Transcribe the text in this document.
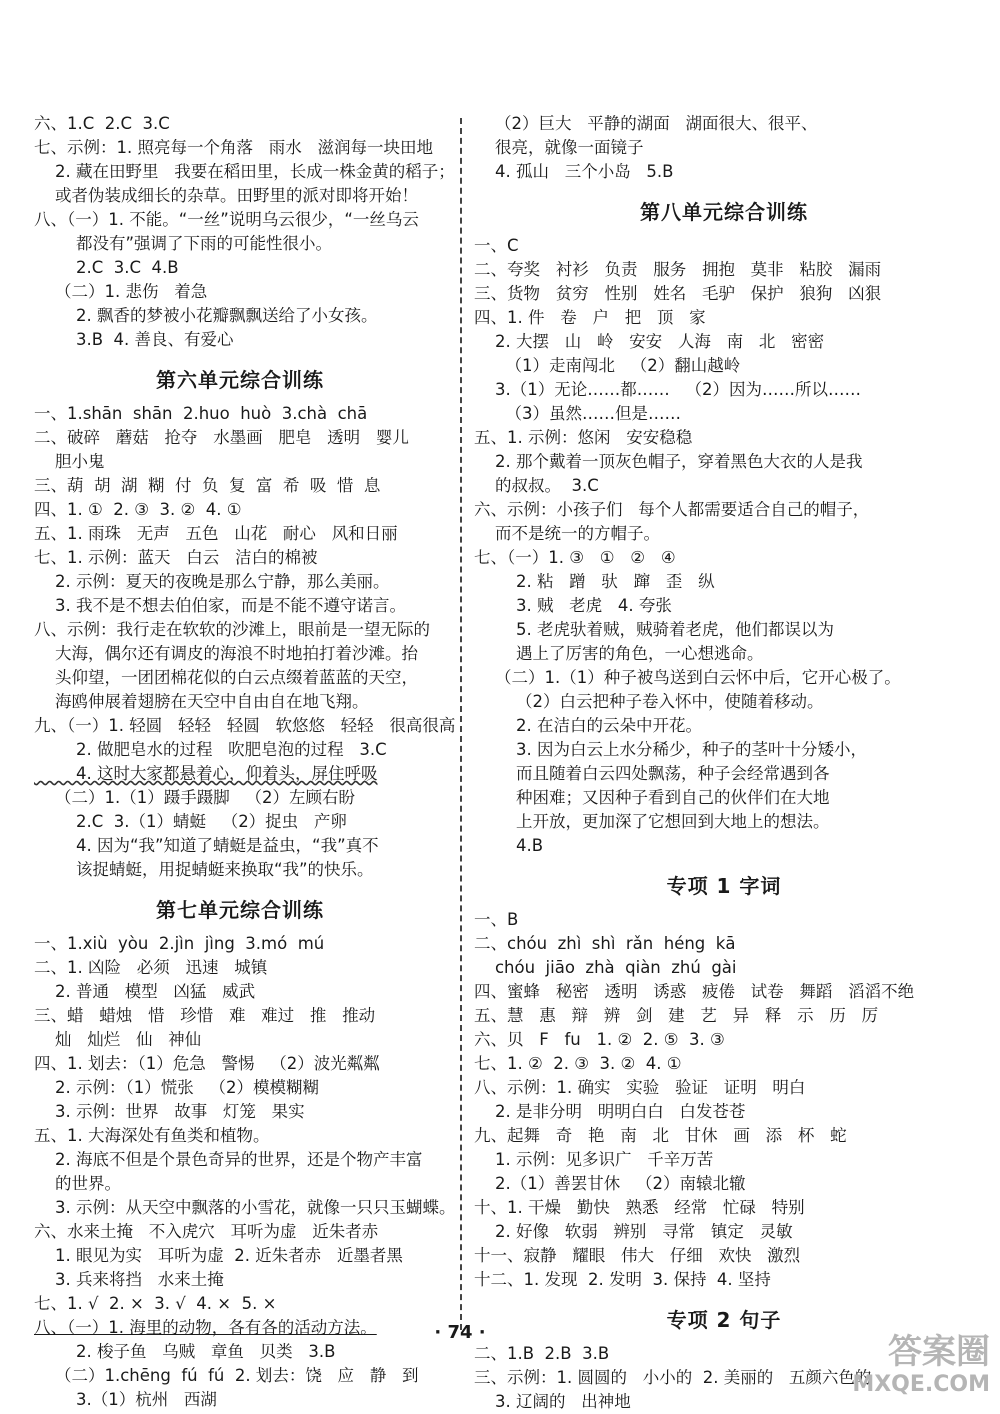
六、1.C  2.C  3.C
七、示例：1. 照亮每一个角落   雨水   滋润每一块田地
2. 藏在田野里   我要在稻田里，长成一株金黄的稻子；
或者伪装成细长的杂草。田野里的派对即将开始！
八、（一）1. 不能。“一丝”说明乌云很少，“一丝乌云
都没有”强调了下雨的可能性很小。
2.C  3.C  4.B
（二）1. 悲伤   着急
2. 飘香的梦被小花瓣飘飘送给了小女孩。
3.B  4. 善良、有爱心
第六单元综合训练
一、1.shān  shān  2.huo  huò  3.chà  chā
二、破碎   蘑菇   抢夺   水墨画   肥皂   透明   婴儿
胆小鬼
三、葫  胡  湖  糊  付  负  复  富  希  吸  惜  息
四、1. ①  2. ③  3. ②  4. ①
五、1. 雨珠   无声   五色   山花   耐心   风和日丽
七、1. 示例：蓝天   白云   洁白的棉被
2. 示例：夏天的夜晚是那么宁静，那么美丽。
3. 我不是不想去伯伯家，而是不能不遵守诺言。
八、示例：我行走在软软的沙滩上，眼前是一望无际的
大海，偶尔还有调皮的海浪不时地拍打着沙滩。抬
头仰望，一团团棉花似的白云点缀着蓝蓝的天空，
海鸥伸展着翅膀在天空中自由自在地飞翔。
九、（一）1. 轻圆   轻轻   轻圆   软悠悠   轻轻   很高很高
2. 做肥皂水的过程   吹肥皂泡的过程   3.C
4. 这时大家都悬着心，仰着头，屏住呼吸
（二）1.（1）蹑手蹑脚   （2）左顾右盼
2.C  3.（1）蜻蜓   （2）捉虫   产卵
4. 因为“我”知道了蜻蜓是益虫，“我”真不
该捉蜻蜓，用捉蜻蜓来换取“我”的快乐。
第七单元综合训练
一、1.xiù  yòu  2.jìn  jìng  3.mó  mú
二、1. 凶险   必须   迅速   城镇
2. 普通   模型   凶猛   威武
三、蜡   蜡烛   惜   珍惜   难   难过   推   推动
灿   灿烂   仙   神仙
四、1. 划去：（1）危急   警惕   （2）波光粼粼
2. 示例：（1）慌张   （2）模模糊糊
3. 示例：世界   故事   灯笼   果实
五、1. 大海深处有鱼类和植物。
2. 海底不但是个景色奇异的世界，还是个物产丰富
的世界。
3. 示例：从天空中飘落的小雪花，就像一只只玉蝴蝶。
六、水来土掩   不入虎穴   耳听为虚   近朱者赤
1. 眼见为实   耳听为虚  2. 近朱者赤   近墨者黑
3. 兵来将挡   水来土掩
七、1. √  2. ×  3. √  4. ×  5. ×
八、（一）1. 海里的动物，各有各的活动方法。
2. 梭子鱼   乌贼   章鱼   贝类   3.B
（二）1.chēng  fú  fú  2. 划去：饶   应   静   到
3.（1）杭州   西湖
（2）巨大   平静的湖面   湖面很大、很平、
很亮，就像一面镜子
4. 孤山   三个小岛   5.B
第八单元综合训练
一、C
二、夸奖   衬衫   负责   服务   拥抱   莫非   粘胶   漏雨
三、货物   贫穷   性别   姓名   毛驴   保护   狼狗   凶狠
四、1. 件   卷   户   把   顶   家
2. 大摆   山   岭   安安   人海   南   北   密密
（1）走南闯北   （2）翻山越岭
3.（1）无论……都……   （2）因为……所以……
（3）虽然……但是……
五、1. 示例：悠闲   安安稳稳
2. 那个戴着一顶灰色帽子，穿着黑色大衣的人是我
的叔叔。  3.C
六、示例：小孩子们   每个人都需要适合自己的帽子，
而不是统一的方帽子。
七、（一）1. ③   ①   ②   ④
2. 粘   蹭   驮   蹿   歪   纵
3. 贼   老虎   4. 夸张
5. 老虎驮着贼，贼骑着老虎，他们都误以为
遇上了厉害的角色，一心想逃命。
（二）1.（1）种子被鸟送到白云怀中后，它开心极了。
（2）白云把种子卷入怀中，使随着移动。
2. 在洁白的云朵中开花。
3. 因为白云上水分稀少，种子的茎叶十分矮小，
而且随着白云四处飘荡，种子会经常遇到各
种困难；又因种子看到自己的伙伴们在大地
上开放，更加深了它想回到大地上的想法。
4.B
专项 1 字词
一、B
二、chóu  zhì  shì  rǎn  héng  kā
chóu  jiāo  zhà  qiàn  zhú  gài
四、蜜蜂   秘密   透明   诱惑   疲倦   试卷   舞蹈   滔滔不绝
五、慧   惠   辩   辨   剑   建   艺   异   释   示   历   厉
六、贝   F   fu   1. ②  2. ⑤  3. ③
七、1. ②  2. ③  3. ②  4. ①
八、示例：1. 确实   实验   验证   证明   明白
2. 是非分明   明明白白   白发苍苍
九、起舞   奇   艳   南   北   甘休   画   添   杯   蛇
1. 示例：见多识广   千辛万苦
2.（1）善罢甘休   （2）南辕北辙
十、1. 干燥   勤快   熟悉   经常   忙碌   特别
2. 好像   软弱   辨别   寻常   镇定   灵敏
十一、寂静   耀眼   伟大   仔细   欢快   激烈
十二、1. 发现  2. 发明  3. 保持  4. 坚持
专项 2 句子
二、1.B  2.B  3.B
三、示例：1. 圆圆的   小小的  2. 美丽的   五颜六色的
3. 辽阔的   出神地
· 74 ·	答案圈
MXQE.COM
